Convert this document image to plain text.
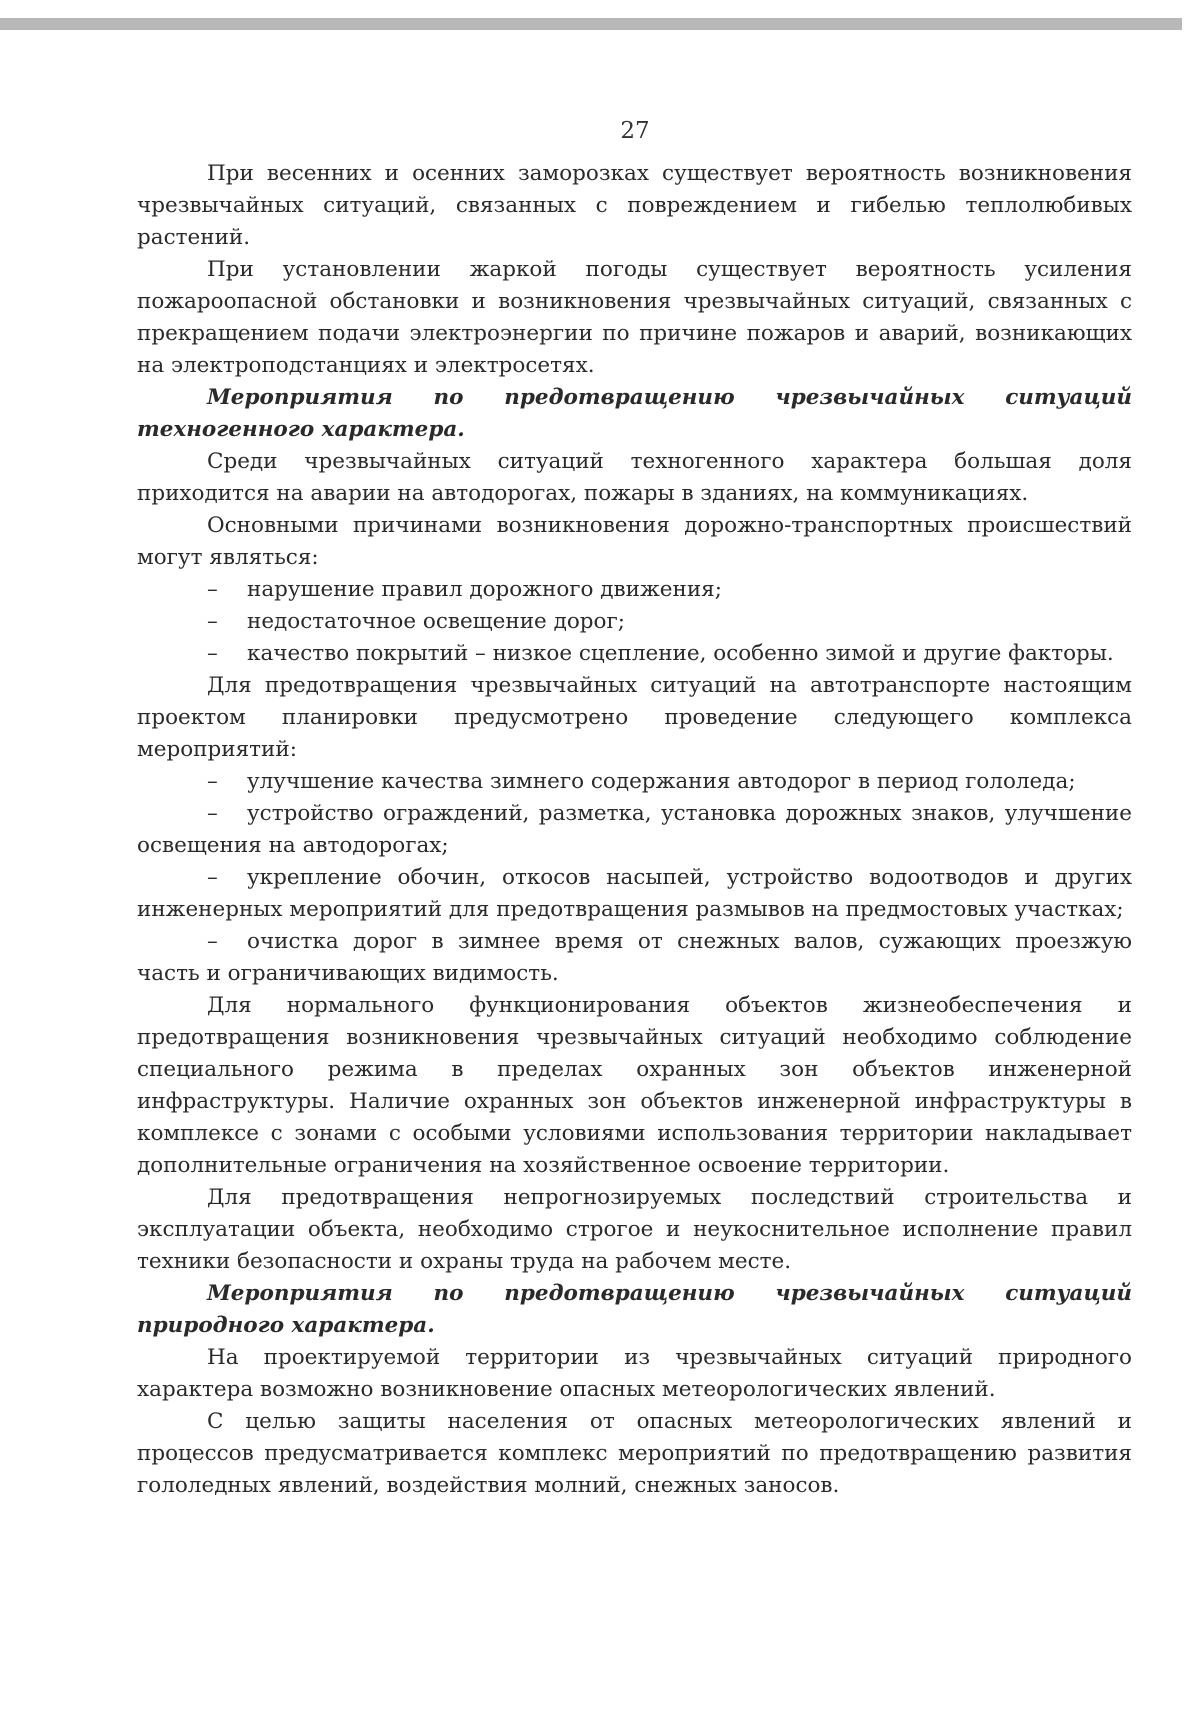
27

При весенних и осенних заморозках существует вероятность возникновения чрезвычайных ситуаций, связанных с повреждением и гибелью теплолюбивых растений.

При установлении жаркой погоды существует вероятность усиления пожароопасной обстановки и возникновения чрезвычайных ситуаций, связанных с прекращением подачи электроэнергии по причине пожаров и аварий, возникающих на электроподстанциях и электросетях.

Мероприятия по предотвращению чрезвычайных ситуаций техногенного характера.

Среди чрезвычайных ситуаций техногенного характера большая доля приходится на аварии на автодорогах, пожары в зданиях, на коммуникациях.

Основными причинами возникновения дорожно-транспортных происшествий могут являться:

– нарушение правил дорожного движения;

– недостаточное освещение дорог;

– качество покрытий – низкое сцепление, особенно зимой и другие факторы.

Для предотвращения чрезвычайных ситуаций на автотранспорте настоящим проектом планировки предусмотрено проведение следующего комплекса мероприятий:

– улучшение качества зимнего содержания автодорог в период гололеда;

– устройство ограждений, разметка, установка дорожных знаков, улучшение освещения на автодорогах;

– укрепление обочин, откосов насыпей, устройство водоотводов и других инженерных мероприятий для предотвращения размывов на предмостовых участках;

– очистка дорог в зимнее время от снежных валов, сужающих проезжую часть и ограничивающих видимость.

Для нормального функционирования объектов жизнеобеспечения и предотвращения возникновения чрезвычайных ситуаций необходимо соблюдение специального режима в пределах охранных зон объектов инженерной инфраструктуры. Наличие охранных зон объектов инженерной инфраструктуры в комплексе с зонами с особыми условиями использования территории накладывает дополнительные ограничения на хозяйственное освоение территории.

Для предотвращения непрогнозируемых последствий строительства и эксплуатации объекта, необходимо строгое и неукоснительное исполнение правил техники безопасности и охраны труда на рабочем месте.

Мероприятия по предотвращению чрезвычайных ситуаций природного характера.

На проектируемой территории из чрезвычайных ситуаций природного характера возможно возникновение опасных метеорологических явлений.

С целью защиты населения от опасных метеорологических явлений и процессов предусматривается комплекс мероприятий по предотвращению развития гололедных явлений, воздействия молний, снежных заносов.
